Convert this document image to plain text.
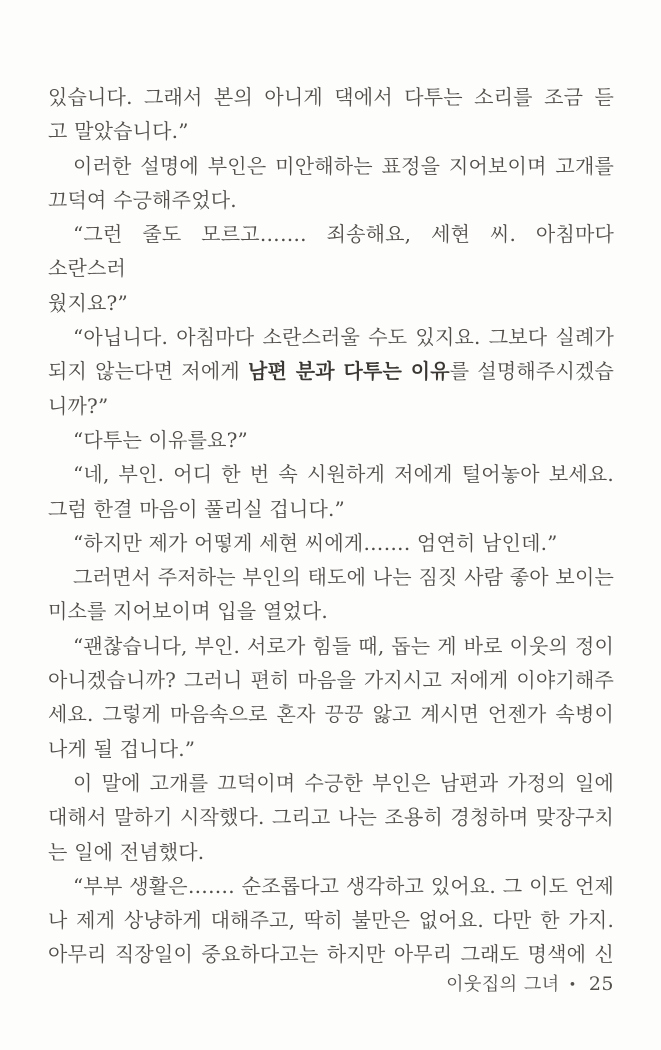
있습니다. 그래서 본의 아니게 댁에서 다투는 소리를 조금 듣
고 말았습니다.”
이러한 설명에 부인은 미안해하는 표정을 지어보이며 고개를
끄덕여 수긍해주었다.
“그런 줄도 모르고……. 죄송해요, 세현 씨. 아침마다 소란스러
웠지요?”
“아닙니다. 아침마다 소란스러울 수도 있지요. 그보다 실례가
되지 않는다면 저에게 남편 분과 다투는 이유를 설명해주시겠습
니까?”
“다투는 이유를요?”
“네, 부인. 어디 한 번 속 시원하게 저에게 털어놓아 보세요.
그럼 한결 마음이 풀리실 겁니다.”
“하지만 제가 어떻게 세현 씨에게……. 엄연히 남인데.”
그러면서 주저하는 부인의 태도에 나는 짐짓 사람 좋아 보이는
미소를 지어보이며 입을 열었다.
“괜찮습니다, 부인. 서로가 힘들 때, 돕는 게 바로 이웃의 정이
아니겠습니까? 그러니 편히 마음을 가지시고 저에게 이야기해주
세요. 그렇게 마음속으로 혼자 끙끙 앓고 계시면 언젠가 속병이
나게 될 겁니다.”
이 말에 고개를 끄덕이며 수긍한 부인은 남편과 가정의 일에
대해서 말하기 시작했다. 그리고 나는 조용히 경청하며 맞장구치
는 일에 전념했다.
“부부 생활은……. 순조롭다고 생각하고 있어요. 그 이도 언제
나 제게 상냥하게 대해주고, 딱히 불만은 없어요. 다만 한 가지.
아무리 직장일이 중요하다고는 하지만 아무리 그래도 명색에 신
이웃집의 그녀 • 25
